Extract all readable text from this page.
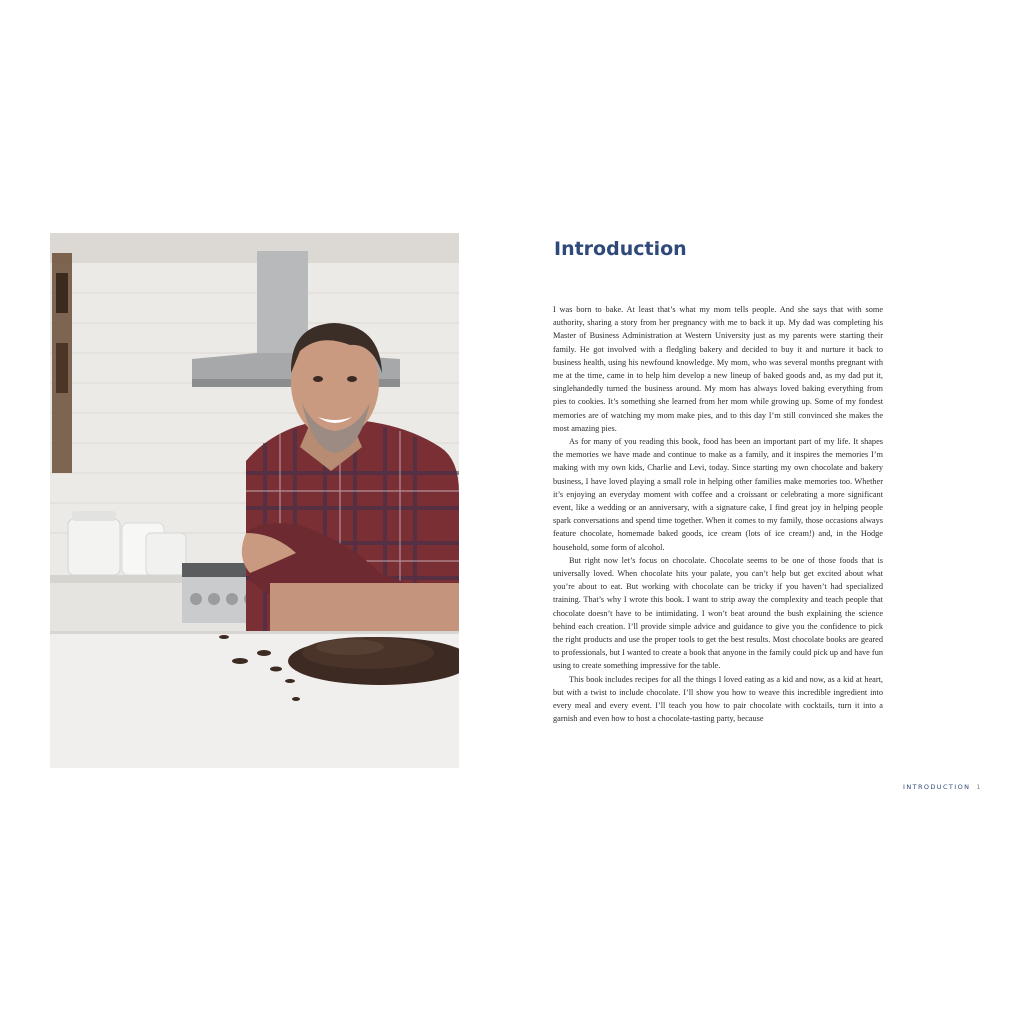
Introduction

I was born to bake. At least that’s what my mom tells people. And she says that with some authority, sharing a story from her pregnancy with me to back it up. My dad was completing his Master of Business Administration at Western University just as my parents were starting their family. He got involved with a fledgling bakery and decided to buy it and nurture it back to business health, using his newfound knowledge. My mom, who was several months pregnant with me at the time, came in to help him develop a new lineup of baked goods and, as my dad put it, singlehandedly turned the business around. My mom has always loved baking everything from pies to cookies. It’s something she learned from her mom while growing up. Some of my fondest memories are of watching my mom make pies, and to this day I’m still convinced she makes the most amazing pies.

As for many of you reading this book, food has been an important part of my life. It shapes the memories we have made and continue to make as a family, and it inspires the memories I’m making with my own kids, Charlie and Levi, today. Since starting my own chocolate and bakery business, I have loved playing a small role in helping other families make memories too. Whether it’s enjoying an everyday moment with coffee and a croissant or celebrating a more significant event, like a wedding or an anniversary, with a signature cake, I find great joy in helping people spark conversations and spend time together. When it comes to my family, those occasions always feature chocolate, homemade baked goods, ice cream (lots of ice cream!) and, in the Hodge household, some form of alcohol.

But right now let’s focus on chocolate. Chocolate seems to be one of those foods that is universally loved. When chocolate hits your palate, you can’t help but get excited about what you’re about to eat. But working with chocolate can be tricky if you haven’t had specialized training. That’s why I wrote this book. I want to strip away the complexity and teach people that chocolate doesn’t have to be intimidating. I won’t beat around the bush explaining the science behind each creation. I’ll provide simple advice and guidance to give you the confidence to pick the right products and use the proper tools to get the best results. Most chocolate books are geared to professionals, but I wanted to create a book that anyone in the family could pick up and have fun using to create something impressive for the table.

This book includes recipes for all the things I loved eating as a kid and now, as a kid at heart, but with a twist to include chocolate. I’ll show you how to weave this incredible ingredient into every meal and every event. I’ll teach you how to pair chocolate with cocktails, turn it into a garnish and even how to host a chocolate-tasting party, because

INTRODUCTION 1
